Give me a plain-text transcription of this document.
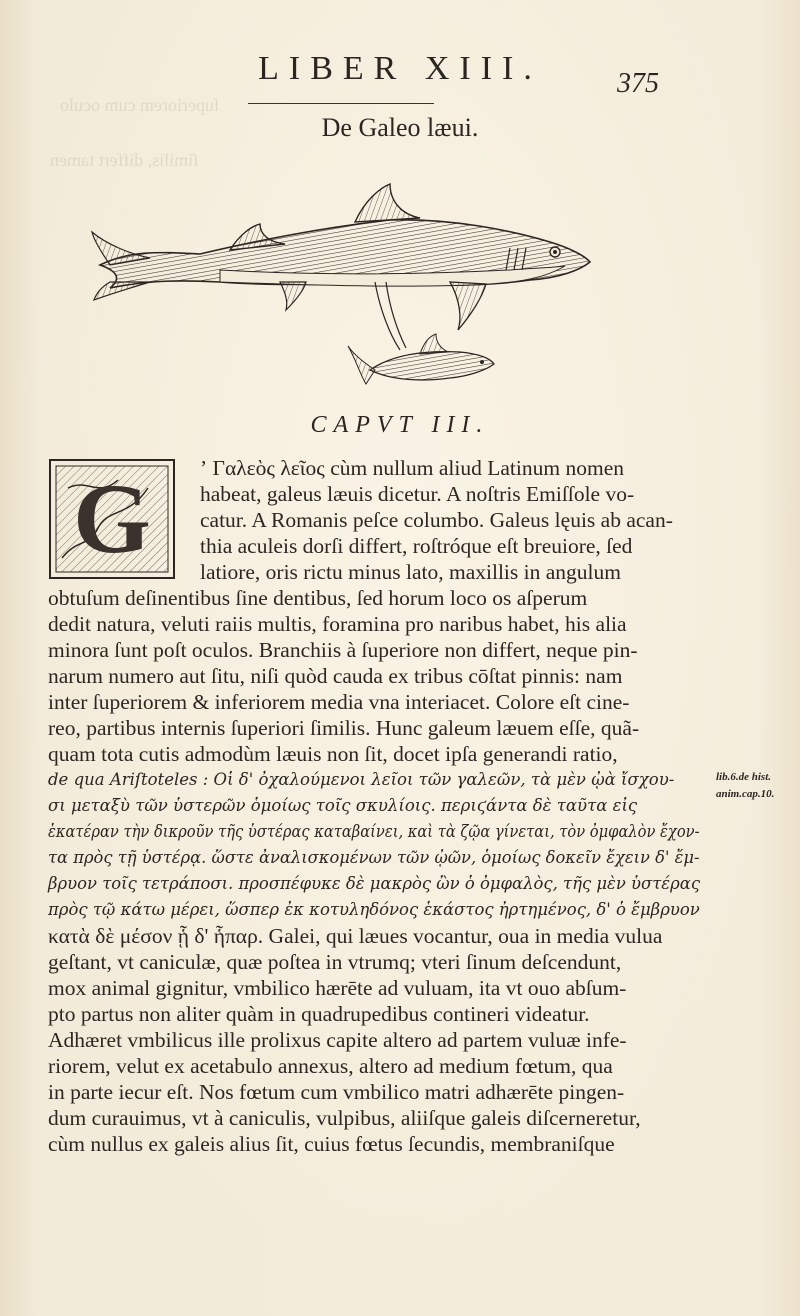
ſuperiorem cum oculo
ſimilis, differt tamen
LIBER XIII.	375
De Galeo læui.
CAPVT III.
G	ʼ Γαλεὸς λεῖος cùm nullum aliud Latinum nomen
habeat, galeus læuis dicetur. A noſtris Emiſſole vo-
catur. A Romanis peſce columbo. Galeus lęuis ab acan-
thia aculeis dorſi differt, roſtróque eſt breuiore, ſed
latiore, oris rictu minus lato, maxillis in angulum
obtuſum deſinentibus ſine dentibus, ſed horum loco os aſperum
dedit natura, veluti raiis multis, foramina pro naribus habet, his alia
minora ſunt poſt oculos. Branchiis à ſuperiore non differt, neque pin-
narum numero aut ſitu, niſi quòd cauda ex tribus cōſtat pinnis: nam
inter ſuperiorem & inferiorem media vna interiacet. Colore eſt cine-
reo, partibus internis ſuperiori ſimilis. Hunc galeum læuem eſſe, quã-
quam tota cutis admodùm læuis non ſit, docet ipſa generandi ratio,
de qua Ariſtoteles : Οἱ δ' ὀχαλούμενοι λεῖοι τῶν γαλεῶν, τὰ μὲν ᾠὰ ἴσχου-
σι μεταξὺ τῶν ὑστερῶν ὁμοίως τοῖς σκυλίοις. περιϛάντα δὲ ταῦτα εἰς
ἑκατέραν τὴν δικροῦν τῆς ὑστέρας καταβαίνει, καὶ τὰ ζῷα γίνεται, τὸν ὀμφαλὸν ἔχον-
τα πρὸς τῇ ὑστέρᾳ. ὥστε ἀναλισκομένων τῶν ᾠῶν, ὁμοίως δοκεῖν ἔχειν δ' ἔμ-
βρυον τοῖς τετράποσι. προσπέφυκε δὲ μακρὸς ὢν ὁ ὀμφαλὸς, τῆς μὲν ὑστέρας
πρὸς τῷ κάτω μέρει, ὥσπερ ἐκ κοτυληδόνος ἑκάστος ἠρτημένος, δ' ὁ ἔμβρυον
κατὰ δὲ μέσον ᾗ δ' ἧπαρ. Galei, qui læues vocantur, oua in media vulua
geſtant, vt caniculæ, quæ poſtea in vtrumq; vteri ſinum deſcendunt,
mox animal gignitur, vmbilico hærēte ad vuluam, ita vt ouo abſum-
pto partus non aliter quàm in quadrupedibus contineri videatur.
Adhæret vmbilicus ille prolixus capite altero ad partem vuluæ infe-
riorem, velut ex acetabulo annexus, altero ad medium fœtum, qua
in parte iecur eſt. Nos fœtum cum vmbilico matri adhærēte pingen-
dum curauimus, vt à caniculis, vulpibus, aliiſque galeis diſcerneretur,
cùm nullus ex galeis alius ſit, cuius fœtus ſecundis, membraniſque
lib.6.de hist.
anim.cap.10.
